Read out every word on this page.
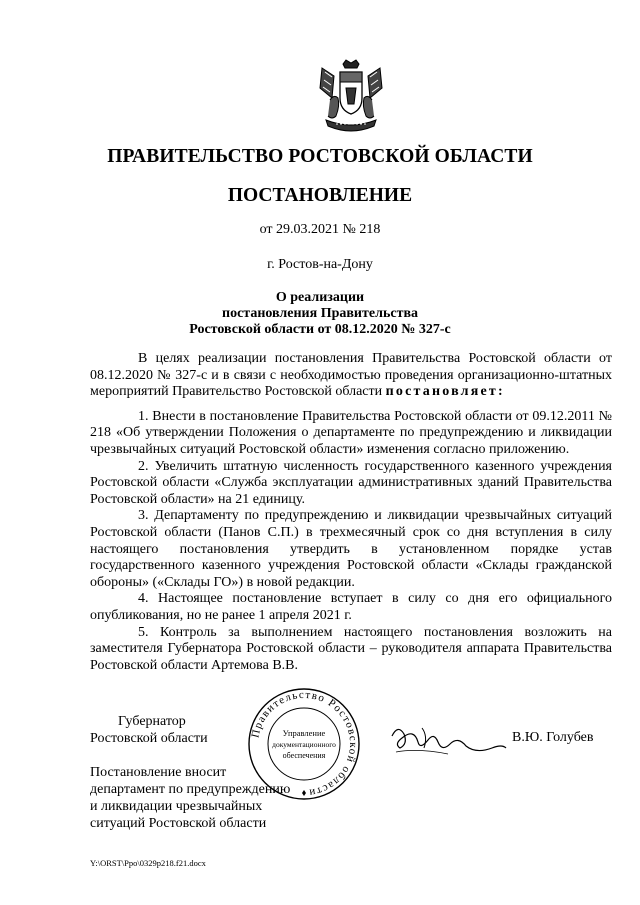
ПРАВИТЕЛЬСТВО РОСТОВСКОЙ ОБЛАСТИ
ПОСТАНОВЛЕНИЕ
от 29.03.2021 № 218
г. Ростов-на-Дону
О реализации
постановления Правительства
Ростовской области от 08.12.2020 № 327-с

В целях реализации постановления Правительства Ростовской области от 08.12.2020 № 327-с и в связи с необходимостью проведения организационно-штатных мероприятий Правительство Ростовской области постановляет:

1. Внести в постановление Правительства Ростовской области от 09.12.2011 № 218 «Об утверждении Положения о департаменте по предупреждению и ликвидации чрезвычайных ситуаций Ростовской области» изменения согласно приложению.

2. Увеличить штатную численность государственного казенного учреждения Ростовской области «Служба эксплуатации административных зданий Правительства Ростовской области» на 21 единицу.

3. Департаменту по предупреждению и ликвидации чрезвычайных ситуаций Ростовской области (Панов С.П.) в трехмесячный срок со дня вступления в силу настоящего постановления утвердить в установленном порядке устав государственного казенного учреждения Ростовской области «Склады гражданской обороны» («Склады ГО») в новой редакции.

4. Настоящее постановление вступает в силу со дня его официального опубликования, но не ранее 1 апреля 2021 г.

5. Контроль за выполнением настоящего постановления возложить на заместителя Губернатора Ростовской области – руководителя аппарата Правительства Ростовской области Артемова В.В.

Губернатор
Ростовской области	В.Ю. Голубев
Правительство Ростовской области
Управление
документационного
обеспечения
Постановление вносит
департамент по предупреждению
и ликвидации чрезвычайных
ситуаций Ростовской области
Y:\ORST\Ppo\0329p218.f21.docx
